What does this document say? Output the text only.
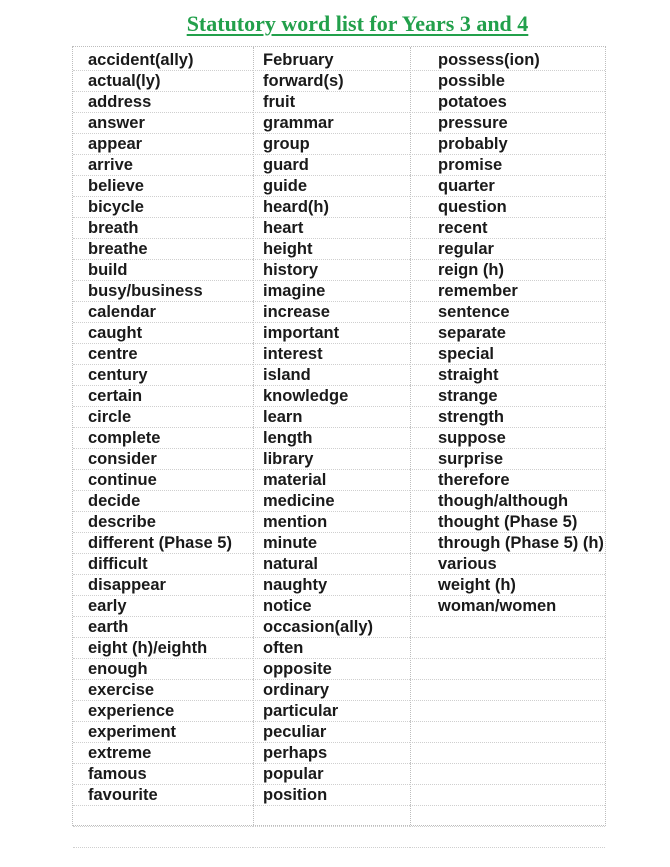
Statutory word list for Years 3 and 4
accident(ally)
actual(ly)
address
answer
appear
arrive
believe
bicycle
breath
breathe
build
busy/business
calendar
caught
centre
century
certain
circle
complete
consider
continue
decide
describe
different (Phase 5)
difficult
disappear
early
earth
eight (h)/eighth
enough
exercise
experience
experiment
extreme
famous
favourite
February
forward(s)
fruit
grammar
group
guard
guide
heard(h)
heart
height
history
imagine
increase
important
interest
island
knowledge
learn
length
library
material
medicine
mention
minute
natural
naughty
notice
occasion(ally)
often
opposite
ordinary
particular
peculiar
perhaps
popular
position
possess(ion)
possible
potatoes
pressure
probably
promise
quarter
question
recent
regular
reign (h)
remember
sentence
separate
special
straight
strange
strength
suppose
surprise
therefore
though/although
thought (Phase 5)
through (Phase 5) (h)
various
weight (h)
woman/women
